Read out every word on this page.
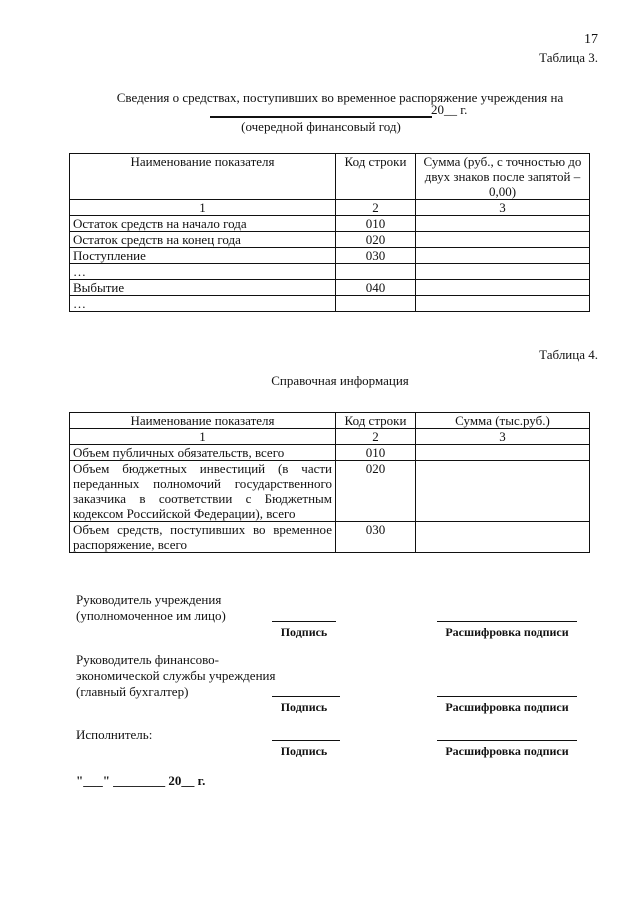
17
Таблица 3.
Сведения о средствах, поступивших во временное распоряжение учреждения на
20__ г.
(очередной финансовый год)
Наименование показателя	Код строки	Сумма (руб., с точностью до двух знаков после запятой – 0,00)
1	2	3
Остаток средств на начало года	010	
Остаток средств на конец года	020	
Поступление	030	
…		
Выбытие	040	
…		
Таблица 4.
Справочная информация
Наименование показателя	Код строки	Сумма (тыс.руб.)
1	2	3
Объем публичных обязательств, всего	010	
Объем бюджетных инвестиций (в части переданных полномочий государственного заказчика в соответствии с Бюджетным кодексом Российской Федерации), всего	020	
Объем средств, поступивших во временное распоряжение, всего	030	
Руководитель учреждения
(уполномоченное им лицо)
Подпись	Расшифровка подписи
Руководитель финансово-
экономической службы учреждения
(главный бухгалтер)
Подпись	Расшифровка подписи
Исполнитель:
Подпись	Расшифровка подписи
"___" ________ 20__ г.
